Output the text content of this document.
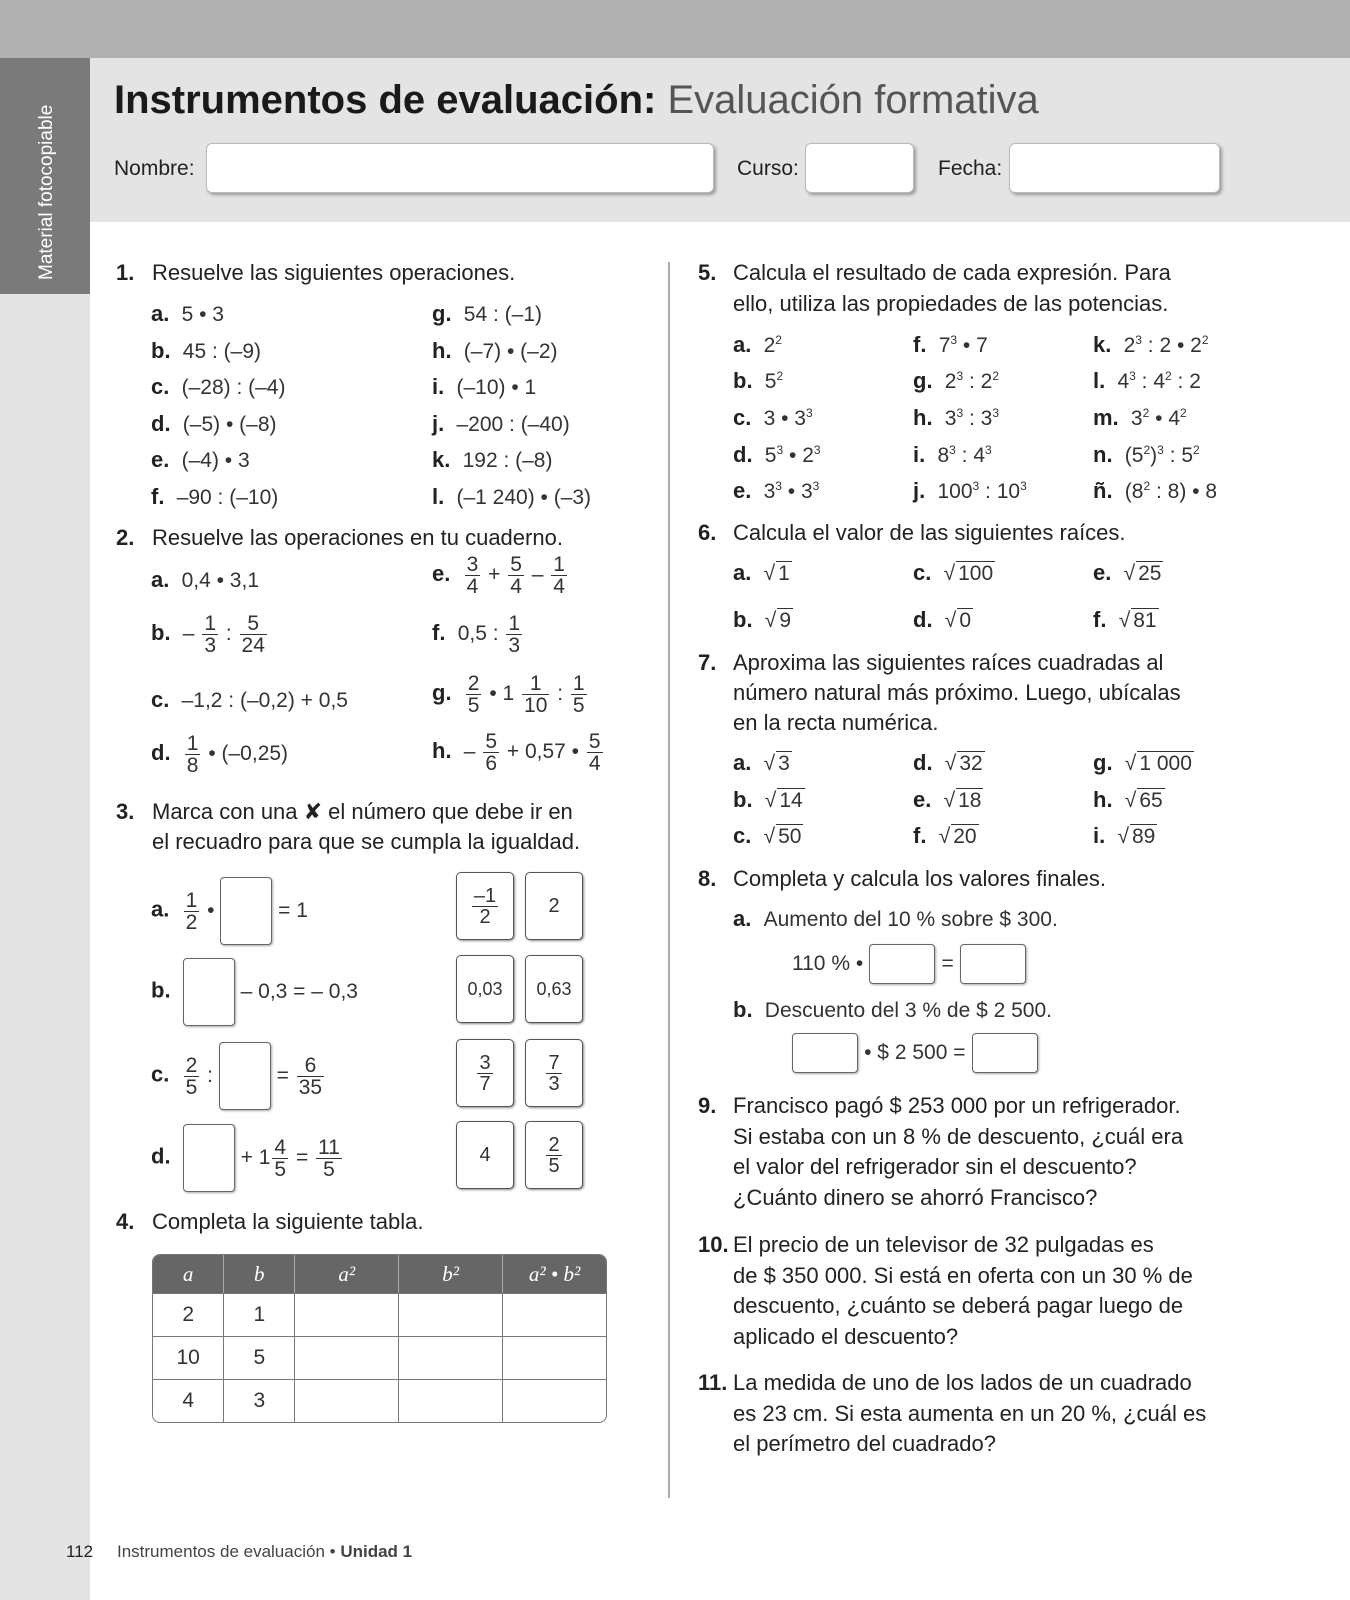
Material fotocopiable
Instrumentos de evaluación: Evaluación formativa
Nombre:	Curso:	Fecha:
1. Resuelve las siguientes operaciones.
a. 5 • 3
b. 45 : (–9)
c. (–28) : (–4)
d. (–5) • (–8)
e. (–4) • 3
f. –90 : (–10)
g. 54 : (–1)
h. (–7) • (–2)
i. (–10) • 1
j. –200 : (–40)
k. 192 : (–8)
l. (–1 240) • (–3)
2. Resuelve las operaciones en tu cuaderno.
a. 0,4 • 3,1
b. – $\frac{1}{3}$ : $\frac{5}{24}$
c. –1,2 : (–0,2) + 0,5
d. $\frac{1}{8}$ • (–0,25)
e. $\frac{3}{4} + \frac{5}{4} - \frac{1}{4}$
f. 0,5 : $\frac{1}{3}$
g. $\frac{2}{5}$ • $1 \frac{1}{10}$ : $\frac{1}{5}$
h. – $\frac{5}{6} + 0,57$ • $\frac{5}{4}$
3. Marca con una ✘ el número que debe ir en
el recuadro para que se cumpla la igualdad.
a. $\frac{1}{2}$ •	= 1
b.	– 0,3 = – 0,3
c. $\frac{2}{5}$ :	= $\frac{6}{35}$
d.	+ $1 \frac{4}{5} = \frac{11}{5}$
$\frac{-1}{2}$	2
0,03	0,63
$\frac{3}{7}$	$\frac{7}{3}$
4	$\frac{2}{5}$
4. Completa la siguiente tabla.
a	b	a²	b²	a² • b²
2	1			
10	5			
4	3			
5. Calcula el resultado de cada expresión. Para
ello, utiliza las propiedades de las potencias.
a. $2^2$
b. $5^2$
c. 3 • $3^3$
d. $5^3$ • $2^3$
e. $3^3$ • $3^3$
f. $7^3$ • 7
g. $2^3$ : $2^2$
h. $3^3$ : $3^3$
i. $8^3$ : $4^3$
j. $100^3$ : $10^3$
k. $2^3$ : 2 • $2^2$
l. $4^3$ : $4^2$ : 2
m. $3^2$ • $4^2$
n. $(5^2)^3$ : $5^2$
ñ. ($8^2$ : 8) • 8
6. Calcula el valor de las siguientes raíces.
a. √ 1
b. √ 9
c. √ 100
d. √ 0
e. √ 25
f. √ 81
7. Aproxima las siguientes raíces cuadradas al
número natural más próximo. Luego, ubícalas
en la recta numérica.
a. √ 3
b. √ 14
c. √ 50
d. √ 32
e. √ 18
f. √ 20
g. √ 1 000
h. √ 65
i. √ 89
8. Completa y calcula los valores finales.
a. Aumento del 10 % sobre $ 300.
110 % •	=
b. Descuento del 3 % de $ 2 500.
• $ 2 500 =
9. Francisco pagó $ 253 000 por un refrigerador.
Si estaba con un 8 % de descuento, ¿cuál era
el valor del refrigerador sin el descuento?
¿Cuánto dinero se ahorró Francisco?
10. El precio de un televisor de 32 pulgadas es
de $ 350 000. Si está en oferta con un 30 % de
descuento, ¿cuánto se deberá pagar luego de
aplicado el descuento?
11. La medida de uno de los lados de un cuadrado
es 23 cm. Si esta aumenta en un 20 %, ¿cuál es
el perímetro del cuadrado?
112 Instrumentos de evaluación • Unidad 1
